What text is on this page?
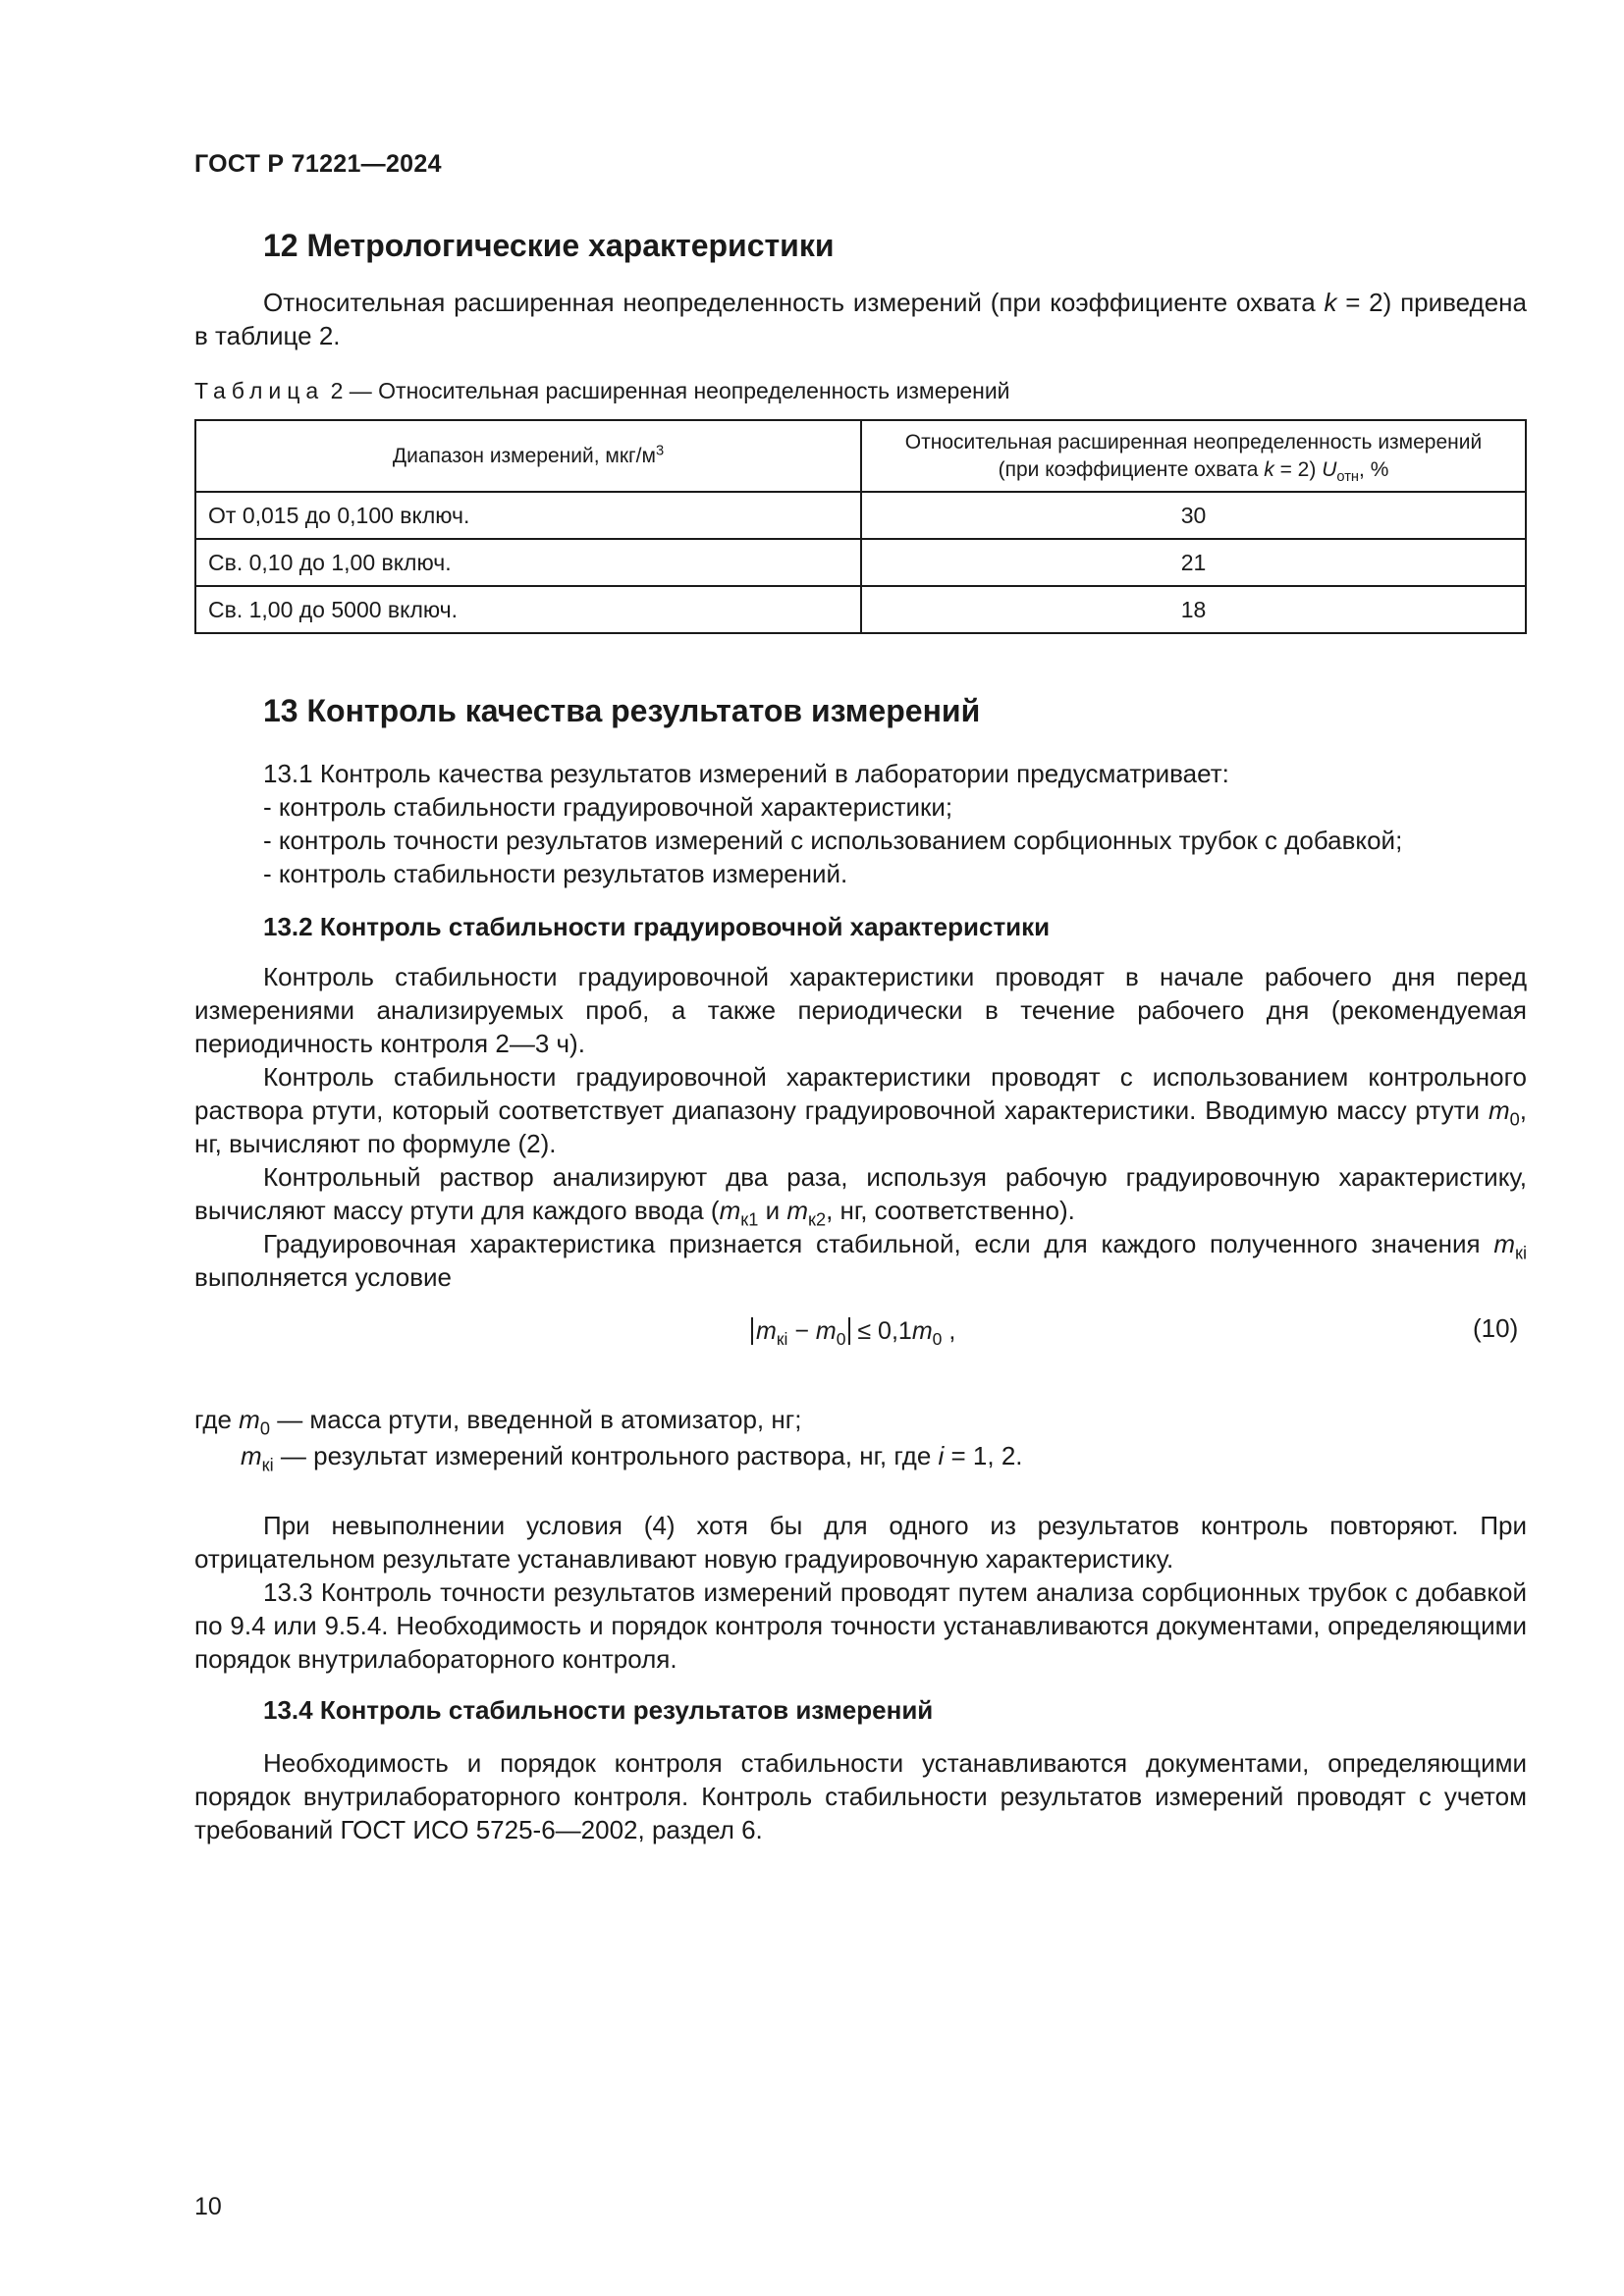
ГОСТ Р 71221—2024
12 Метрологические характеристики

Относительная расширенная неопределенность измерений (при коэффициенте охвата k = 2) приведена в таблице 2.

Таблица 2 — Относительная расширенная неопределенность измерений
Диапазон измерений, мкг/$м^3$	Относительная расширенная неопределенность измерений
(при коэффициенте охвата k = 2) $U_{отн}$, %
От 0,015 до 0,100 включ.	30
Св. 0,10 до 1,00 включ.	21
Св. 1,00 до 5000 включ.	18
13 Контроль качества результатов измерений
13.1 Контроль качества результатов измерений в лаборатории предусматривает:
- контроль стабильности градуировочной характеристики;
- контроль точности результатов измерений с использованием сорбционных трубок с добавкой;
- контроль стабильности результатов измерений.
13.2 Контроль стабильности градуировочной характеристики

Контроль стабильности градуировочной характеристики проводят в начале рабочего дня перед измерениями анализируемых проб, а также периодически в течение рабочего дня (рекомендуемая периодичность контроля 2—3 ч).

Контроль стабильности градуировочной характеристики проводят с использованием контрольного раствора ртути, который соответствует диапазону градуировочной характеристики. Вводимую массу ртути $m_0$, нг, вычисляют по формуле (2).

Контрольный раствор анализируют два раза, используя рабочую градуировочную характеристику, вычисляют массу ртути для каждого ввода ($m_{к1}$ и $m_{к2}$, нг, соответственно).

Градуировочная характеристика признается стабильной, если для каждого полученного значения $m_{кi}$ выполняется условие

$m_{кi} - m_0 \le 0,1m_0$ ,	(10)
где $m_0$ — масса ртути, введенной в атомизатор, нг;
$m_{кi}$ — результат измерений контрольного раствора, нг, где i = 1, 2.

При невыполнении условия (4) хотя бы для одного из результатов контроль повторяют. При отрицательном результате устанавливают новую градуировочную характеристику.

13.3 Контроль точности результатов измерений проводят путем анализа сорбционных трубок с добавкой по 9.4 или 9.5.4. Необходимость и порядок контроля точности устанавливаются документами, определяющими порядок внутрилабораторного контроля.

13.4 Контроль стабильности результатов измерений

Необходимость и порядок контроля стабильности устанавливаются документами, определяющими порядок внутрилабораторного контроля. Контроль стабильности результатов измерений проводят с учетом требований ГОСТ ИСО 5725-6—2002, раздел 6.

10
